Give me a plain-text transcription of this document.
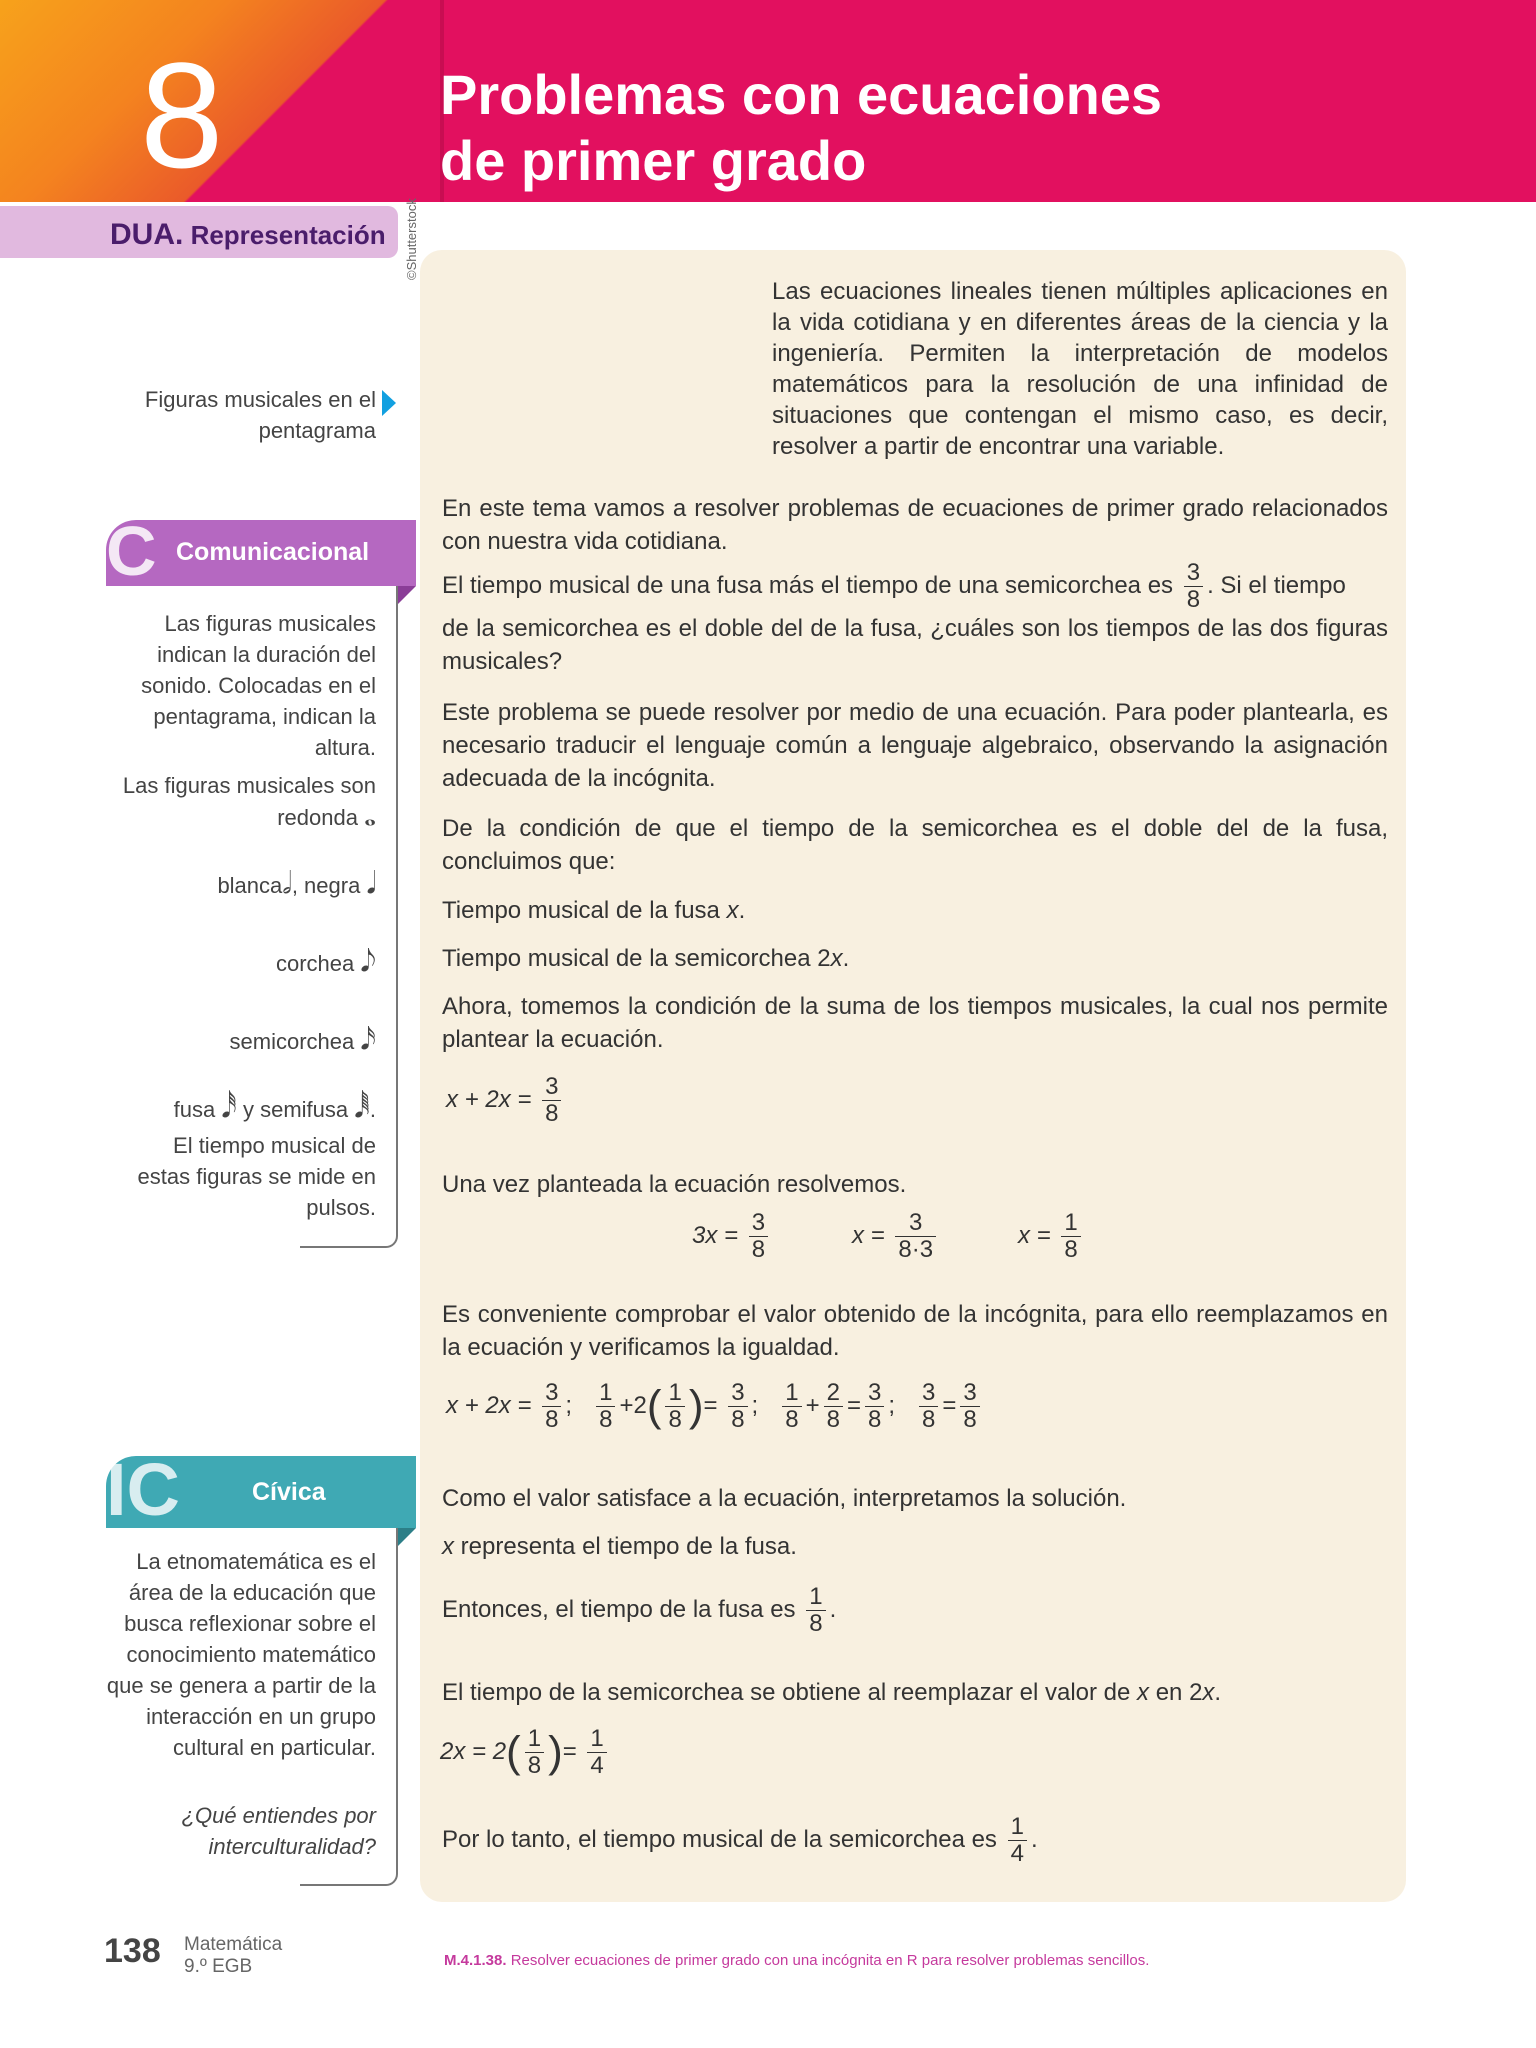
8	Problemas con ecuaciones
de primer grado
DUA. Representación ©Shutterstock
Figuras musicales en el pentagrama
C Comunicacional
Las figuras musicales indican la duración del sonido. Colocadas en el pentagrama, indican la altura.
Las figuras musicales son
redonda 𝅝
blanca𝅗𝅥, negra 𝅘𝅥
corchea 𝅘𝅥𝅮
semicorchea 𝅘𝅥𝅯
fusa 𝅘𝅥𝅰 y semifusa 𝅘𝅥𝅱.
El tiempo musical de estas figuras se mide en pulsos.
IC	Cívica
La etnomatemática es el área de la educación que busca reflexionar sobre el conocimiento matemático que se genera a partir de la interacción en un grupo cultural en particular.
¿Qué entiendes por interculturalidad?
Las ecuaciones lineales tienen múltiples aplicaciones en la vida cotidiana y en diferentes áreas de la ciencia y la ingeniería. Permiten la interpretación de modelos matemáticos para la resolución de una infinidad de situaciones que contengan el mismo caso, es decir, resolver a partir de encontrar una variable.
En este tema vamos a resolver problemas de ecuaciones de primer grado relacionados con nuestra vida cotidiana.
El tiempo musical de una fusa más el tiempo de una semicorchea es $\frac{3}{8}$ . Si el tiempo
de la semicorchea es el doble del de la fusa, ¿cuáles son los tiempos de las dos figuras musicales?
Este problema se puede resolver por medio de una ecuación. Para poder plantearla, es necesario traducir el lenguaje común a lenguaje algebraico, observando la asignación adecuada de la incógnita.
De la condición de que el tiempo de la semicorchea es el doble del de la fusa, concluimos que:
Tiempo musical de la fusa x.
Tiempo musical de la semicorchea 2x.
Ahora, tomemos la condición de la suma de los tiempos musicales, la cual nos permite plantear la ecuación.
$x + 2x = \frac{3}{8}$
Una vez planteada la ecuación resolvemos.
$3x = \frac{3}{8}$	$x = \frac{3}{8\cdot 3}$	$x = \frac{1}{8}$
Es conveniente comprobar el valor obtenido de la incógnita, para ello reemplazamos en la ecuación y verificamos la igualdad.
$x + 2x = \frac{3}{8}$ ; $\frac{1}{8} +2( \frac{1}{8}$ )= $\frac{3}{8}$ ; $\frac{1}{8} + \frac{2}{8} = \frac{3}{8}$ ; $\frac{3}{8} = \frac{3}{8}$
Como el valor satisface a la ecuación, interpretamos la solución.
x representa el tiempo de la fusa.
Entonces, el tiempo de la fusa es $\frac{1}{8}$ .
El tiempo de la semicorchea se obtiene al reemplazar el valor de x en 2x.
$2x = 2( \frac{1}{8}$ )= $\frac{1}{4}$
Por lo tanto, el tiempo musical de la semicorchea es $\frac{1}{4}$ .
138 Matemática
9.º EGB	M.4.1.38. Resolver ecuaciones de primer grado con una incógnita en R para resolver problemas sencillos.
